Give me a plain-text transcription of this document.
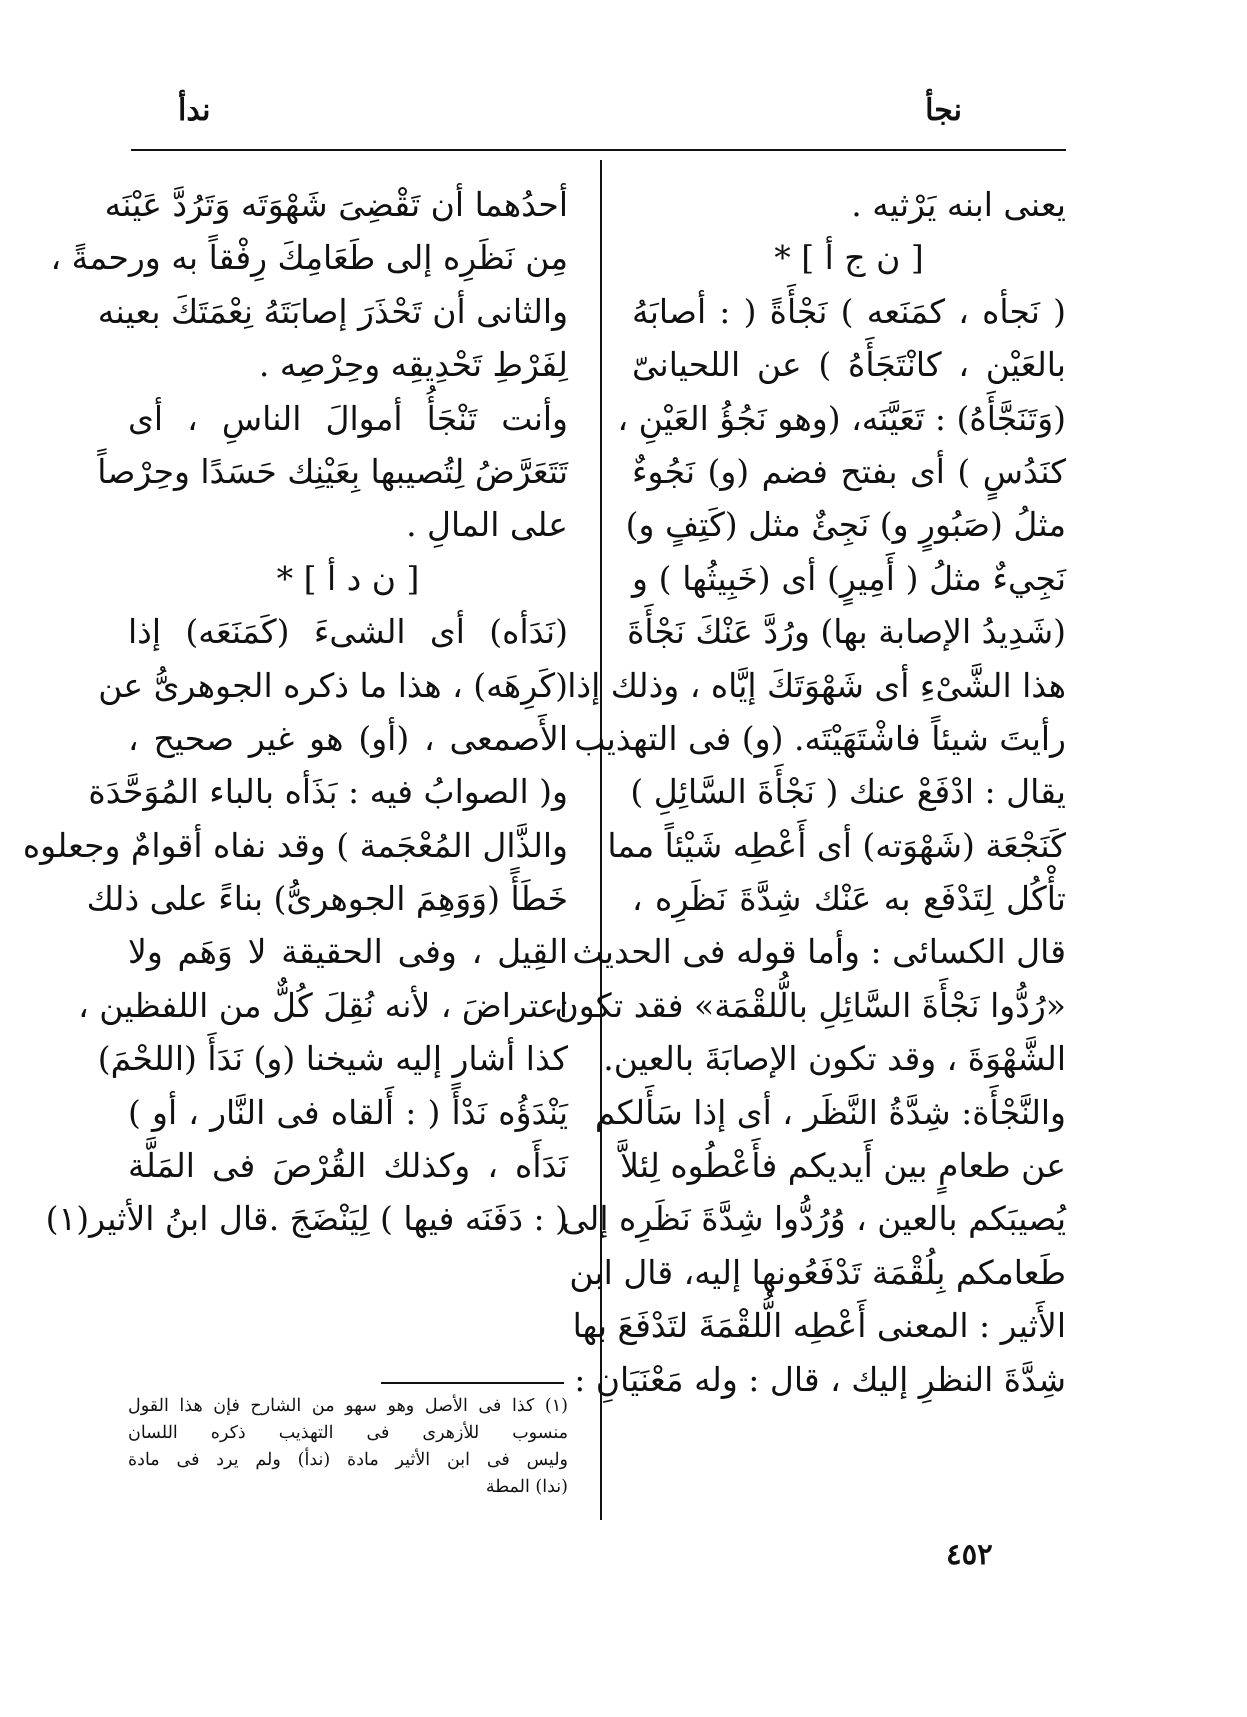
نجأ
ندأ
يعنى ابنه يَرْثيه .
[ ن ج أ ] *
( نَجأه ، كمَنَعه ) نَجْأَةً ( : أصابَهُ
بالعَيْن ، كانْتَجَأَهُ ) عن اللحيانىّ
(وَتَنَجَّأَهُ) : تَعَيَّنَه، (وهو نَجُؤُ العَيْنِ ،
كنَدُسٍ ) أى بفتح فضم (و) نَجُوءٌ
مثلُ (صَبُورٍ و) نَجِئٌ مثل (كَتِفٍ و)
نَجِيءٌ مثلُ ( أَمِيرٍ) أى (خَبِيثُها ) و
(شَدِيدُ الإصابة بها) ورُدَّ عَنْكَ نَجْأَةَ
هذا الشَّىْءِ أى شَهْوَتَكَ إيَّاه ، وذلك إذا
رأيتَ شيئاً فاشْتَهَيْتَه. (و) فى التهذيب
يقال : ادْفَعْ عنك ( نَجْأَةَ السَّائِلِ )
كَنَجْعَة (شَهْوَته) أى أَعْطِه شَيْئاً مما
تأْكُل لِتَدْفَع به عَنْك شِدَّةَ نَظَرِه ،
قال الكسائى : وأما قوله فى الحديث
«رُدُّوا نَجْأَةَ السَّائِلِ بالُّلقْمَة» فقد تكون
الشَّهْوَةَ ، وقد تكون الإصابَةَ بالعين.
والنَّجْأَة: شِدَّةُ النَّظَر ، أى إذا سَأَلكم
عن طعامٍ بين أَيديكم فأَعْطُوه لِئلاَّ
يُصيبَكم بالعين ، وُرُدُّوا شِدَّةَ نَظَرِه إلى
طَعامكم بِلُقْمَة تَدْفَعُونها إليه، قال ابن
الأَثير : المعنى أَعْطِه الُّلقْمَةَ لتَدْفَعَ بها
شِدَّةَ النظرِ إليك ، قال : وله مَعْنَيَانِ :
أحدُهما أن تَقْضِىَ شَهْوَتَه وَتَرُدَّ عَيْنَه
مِن نَظَرِه إلى طَعَامِكَ رِفْقاً به ورحمةً ،
والثانى أن تَحْذَرَ إصابَتَهُ نِعْمَتَكَ بعينه
لِفَرْطِ تَحْدِيقِه وحِرْصِه .
وأنت تَنْجَأُ أموالَ الناسِ ، أى
تَتَعَرَّضُ لِتُصيبها بِعَيْنِك حَسَدًا وحِرْصاً
على المالِ .
[ ن د أ ] *
(نَدَأه) أى الشىءَ (كَمَنَعَه) إذا
(كَرِهَه) ، هذا ما ذكره الجوهرىُّ عن
الأَصمعى ، (أو) هو غير صحيح ،
و( الصوابُ فيه : بَذَأه بالباء المُوَحَّدَة
والذَّال المُعْجَمة ) وقد نفاه أقوامٌ وجعلوه
خَطَأً (وَوَهِمَ الجوهرىُّ) بناءً على ذلك
القِيل ، وفى الحقيقة لا وَهَم ولا
اعتراضَ ، لأنه نُقِلَ كُلٌّ من اللفظين ،
كذا أشار إليه شيخنا (و) نَدَأَ (اللحْمَ)
يَنْدَؤُه نَدْأً ( : أَلقاه فى النَّار ، أو )
نَدَأَه ، وكذلك القُرْصَ فى المَلَّة
( : دَفَنَه فيها ) لِيَنْضَجَ .قال ابنُ الأثير(١)
(١) كذا فى الأصل وهو سهو من الشارح فإن هذا القول
منسوب للأزهرى فى التهذيب ذكره اللسان
وليس فى ابن الأثير مادة (ندأ) ولم يرد فى مادة
(ندا) المطة
٤٥٢
